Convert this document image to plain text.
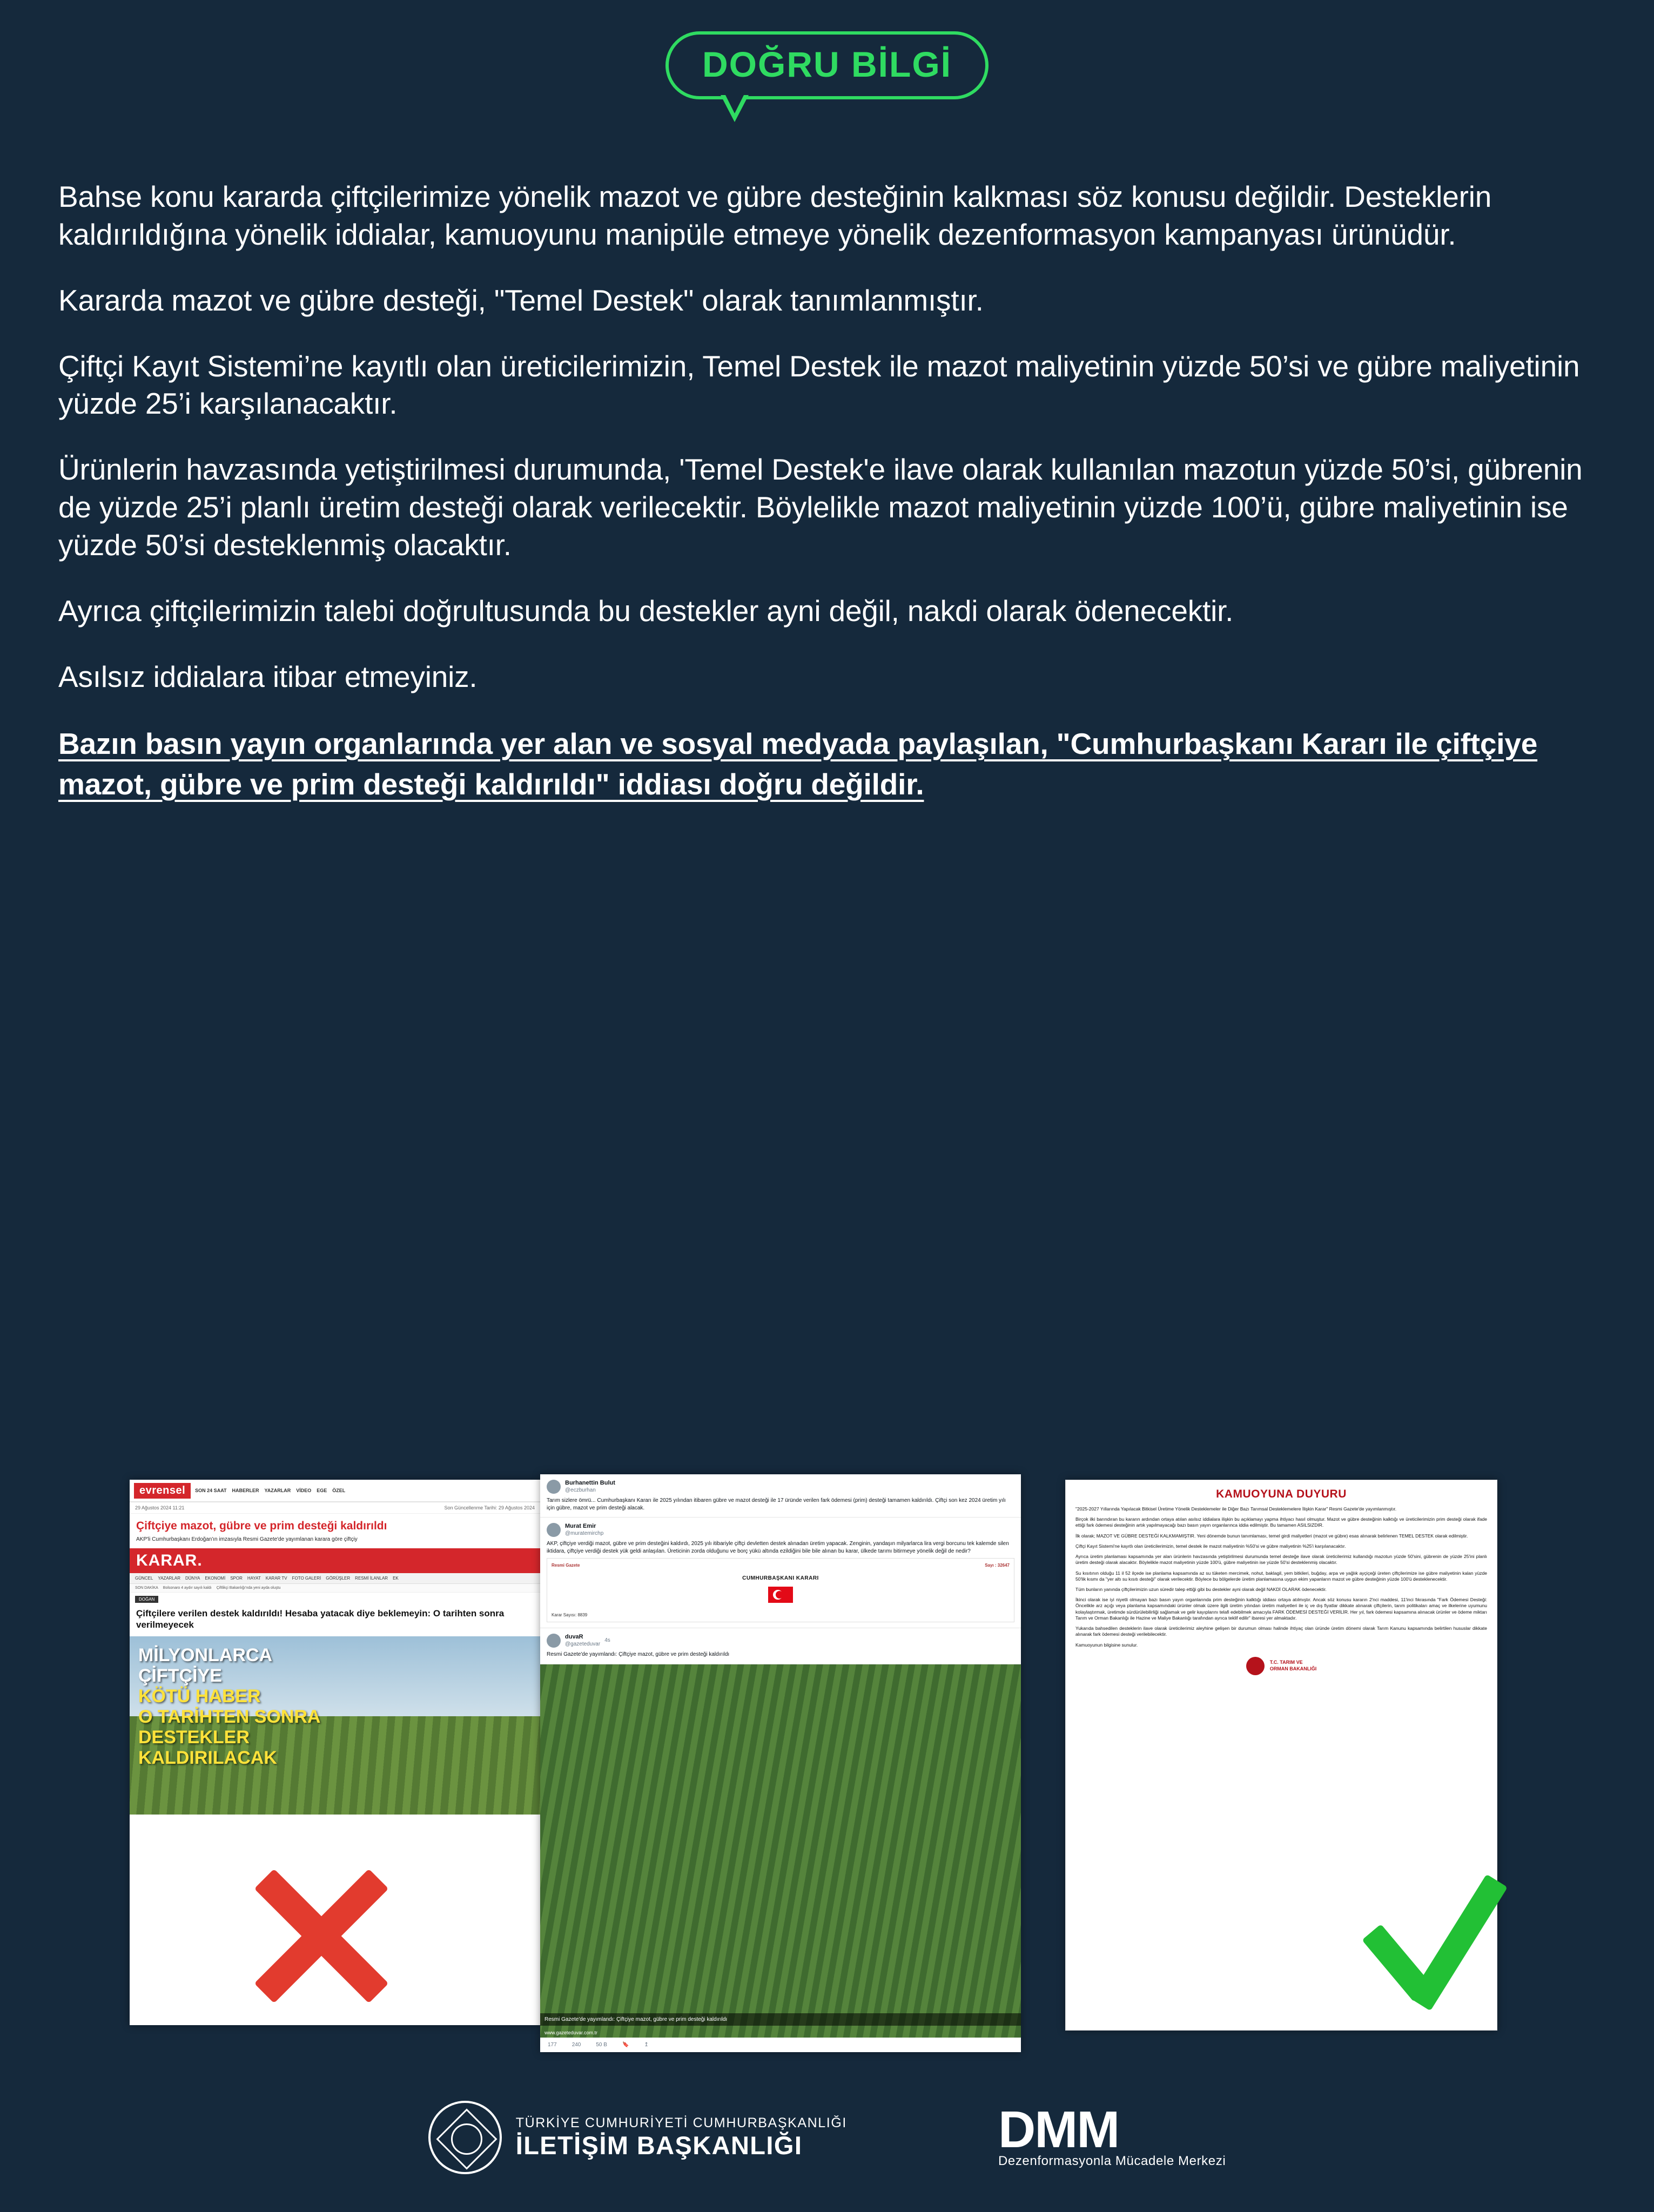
DOĞRU BİLGİ

Bahse konu kararda çiftçilerimize yönelik mazot ve gübre desteğinin kalkması söz konusu değildir. Desteklerin kaldırıldığına yönelik iddialar, kamuoyunu manipüle etmeye yönelik dezenformasyon kampanyası ürünüdür.

Kararda mazot ve gübre desteği, "Temel Destek" olarak tanımlanmıştır.

Çiftçi Kayıt Sistemi’ne kayıtlı olan üreticilerimizin, Temel Destek ile mazot maliyetinin yüzde 50’si ve gübre maliyetinin yüzde 25’i karşılanacaktır.

Ürünlerin havzasında yetiştirilmesi durumunda, 'Temel Destek'e ilave olarak kullanılan mazotun yüzde 50’si, gübrenin de yüzde 25’i planlı üretim desteği olarak verilecektir. Böylelikle mazot maliyetinin yüzde 100’ü, gübre maliyetinin ise yüzde 50’si desteklenmiş olacaktır.

Ayrıca çiftçilerimizin talebi doğrultusunda bu destekler ayni değil, nakdi olarak ödenecektir.

Asılsız iddialara itibar etmeyiniz.

Bazın basın yayın organlarında yer alan ve sosyal medyada paylaşılan, "Cumhurbaşkanı Kararı ile çiftçiye mazot, gübre ve prim desteği kaldırıldı" iddiası doğru değildir.

evrensel	SON 24 SAAT HABERLER YAZARLAR VİDEO EGE ÖZEL
29 Ağustos 2024 11:21	Son Güncellenme Tarihi: 29 Ağustos 2024
Çiftçiye mazot, gübre ve prim desteği kaldırıldı
AKP'li Cumhurbaşkanı Erdoğan'ın imzasıyla Resmi Gazete'de yayımlanan karara göre çiftçiy
KARAR.
GÜNCEL YAZARLAR DÜNYA EKONOMİ SPOR HAYAT KARAR TV FOTO GALERİ GÖRÜŞLER RESMİ İLANLAR EK
SON DAKİKA Bolsonaro 4 aydır sayılı kaldı Çiftlikçi Bakanlığı'nda yeni ayda oluştu
DOĞAN
Çiftçilere verilen destek kaldırıldı! Hesaba yatacak diye beklemeyin: O tarihten sonra verilmeyecek
MİLYONLARCA
ÇİFTÇİYE
KÖTÜ HABER
O TARİHTEN SONRA
DESTEKLER
KALDIRILACAK
Burhanettin Bulut
@eczburhan
Tarım sizlere ömrü... Cumhurbaşkanı Kararı ile 2025 yılından itibaren gübre ve mazot desteği ile 17 üründe verilen fark ödemesi (prim) desteği tamamen kaldırıldı. Çiftçi son kez 2024 üretim yılı için gübre, mazot ve prim desteği alacak.
Murat Emir
@muratemirchp
AKP, çiftçiye verdiği mazot, gübre ve prim desteğini kaldırdı, 2025 yılı itibariyle çiftçi devletten destek alınadan üretim yapacak. Zenginin, yandaşın milyarlarca lira vergi borcunu tek kalemde silen iktidara, çiftçiye verdiği destek yük geldi anlaşılan. Üreticinin zorda olduğunu ve borç yükü altında ezildiğini bile bile alınan bu karar, ülkede tarımı bitirmeye yönelik değil de nedir?
Resmi Gazete	Sayı : 32647
CUMHURBAŞKANI KARARI
Karar Sayısı: 8839
duvaR
@gazeteduvar
4s
Resmi Gazete'de yayımlandı: Çiftçiye mazot, gübre ve prim desteği kaldırıldı
Resmi Gazete'de yayımlandı: Çiftçiye mazot, gübre ve prim desteği kaldırıldı
www.gazeteduvar.com.tr
177	240	50 B	🔖	↥
KAMUOYUNA DUYURU

"2025-2027 Yıllarında Yapılacak Bitkisel Üretime Yönelik Desteklemeler ile Diğer Bazı Tarımsal Desteklemelere İlişkin Karar" Resmi Gazete'de yayımlanmıştır.

Birçok ilki barındıran bu kararın ardından ortaya atılan asılsız iddialara ilişkin bu açıklamayı yapma ihtiyacı hasıl olmuştur. Mazot ve gübre desteğinin kalktığı ve üreticilerimizin prim desteği olarak ifade ettiği fark ödemesi desteğinin artık yapılmayacağı bazı basın yayın organlarınca iddia edilmiştir. Bu tamamen ASILSIZDIR.

İlk olarak; MAZOT VE GÜBRE DESTEĞİ KALKMAMIŞTIR. Yeni dönemde bunun tanımlaması, temel girdi maliyetleri (mazot ve gübre) esas alınarak belirlenen TEMEL DESTEK olarak edilmiştir.

Çiftçi Kayıt Sistemi'ne kayıtlı olan üreticilerimizin, temel destek ile mazot maliyetinin %50'si ve gübre maliyetinin %25'i karşılanacaktır.

Ayrıca üretim planlaması kapsamında yer alan ürünlerin havzasında yetiştirilmesi durumunda temel desteğe ilave olarak üreticilerimiz kullandığı mazotun yüzde 50'sini, gübrenin de yüzde 25'ini planlı üretim desteği olarak alacaktır. Böylelikle mazot maliyetinin yüzde 100'ü, gübre maliyetinin ise yüzde 50'si desteklenmiş olacaktır.

Su kısıtının olduğu 11 il 52 ilçede ise planlama kapsamında az su tüketen mercimek, nohut, baklagil, yem bitkileri, buğday, arpa ve yağlık ayçiçeği üreten çiftçilerimize ise gübre maliyetinin kalan yüzde 50'lik kısmı da "yer altı su kısıtı desteği" olarak verilecektir. Böylece bu bölgelerde üretim planlamasına uygun ekim yapanların mazot ve gübre desteğinin yüzde 100'ü desteklenecektir.

Tüm bunların yanında çiftçilerimizin uzun süredir talep ettiği gibi bu destekler ayni olarak değil NAKDİ OLARAK ödenecektir.

İkinci olarak ise iyi niyetli olmayan bazı basın yayın organlarında prim desteğinin kalktığı iddiası ortaya atılmıştır. Ancak söz konusu kararın 2'nci maddesi, 11'inci fıkrasında "Fark Ödemesi Desteği: Öncelikle arz açığı veya planlama kapsamındaki ürünler olmak üzere ilgili üretim yılından üretim maliyetleri ile iç ve dış fiyatlar dikkate alınarak çiftçilerin, tarım politikaları amaç ve ilkelerine uyumunu kolaylaştırmak, üretimde sürdürülebilirliği sağlamak ve gelir kayıplarını telafi edebilmek amacıyla FARK ÖDEMESİ DESTEĞİ VERİLİR. Her yıl, fark ödemesi kapsamına alınacak ürünler ve ödeme miktarı Tarım ve Orman Bakanlığı ile Hazine ve Maliye Bakanlığı tarafından ayrıca teklif edilir" ibaresi yer almaktadır.

Yukarıda bahsedilen desteklerin ilave olarak üreticilerimiz aleyhine gelişen bir durumun olması halinde ihtiyaç olan üründe üretim dönemi olarak Tarım Kanunu kapsamında belirtilen hususlar dikkate alınarak fark ödemesi desteği verilebilecektir.

Kamuoyunun bilgisine sunulur.

T.C. TARIM VE
ORMAN BAKANLIĞI
TÜRKİYE CUMHURİYETİ CUMHURBAŞKANLIĞI
İLETİŞİM BAŞKANLIĞI	DMM
Dezenformasyonla Mücadele Merkezi
